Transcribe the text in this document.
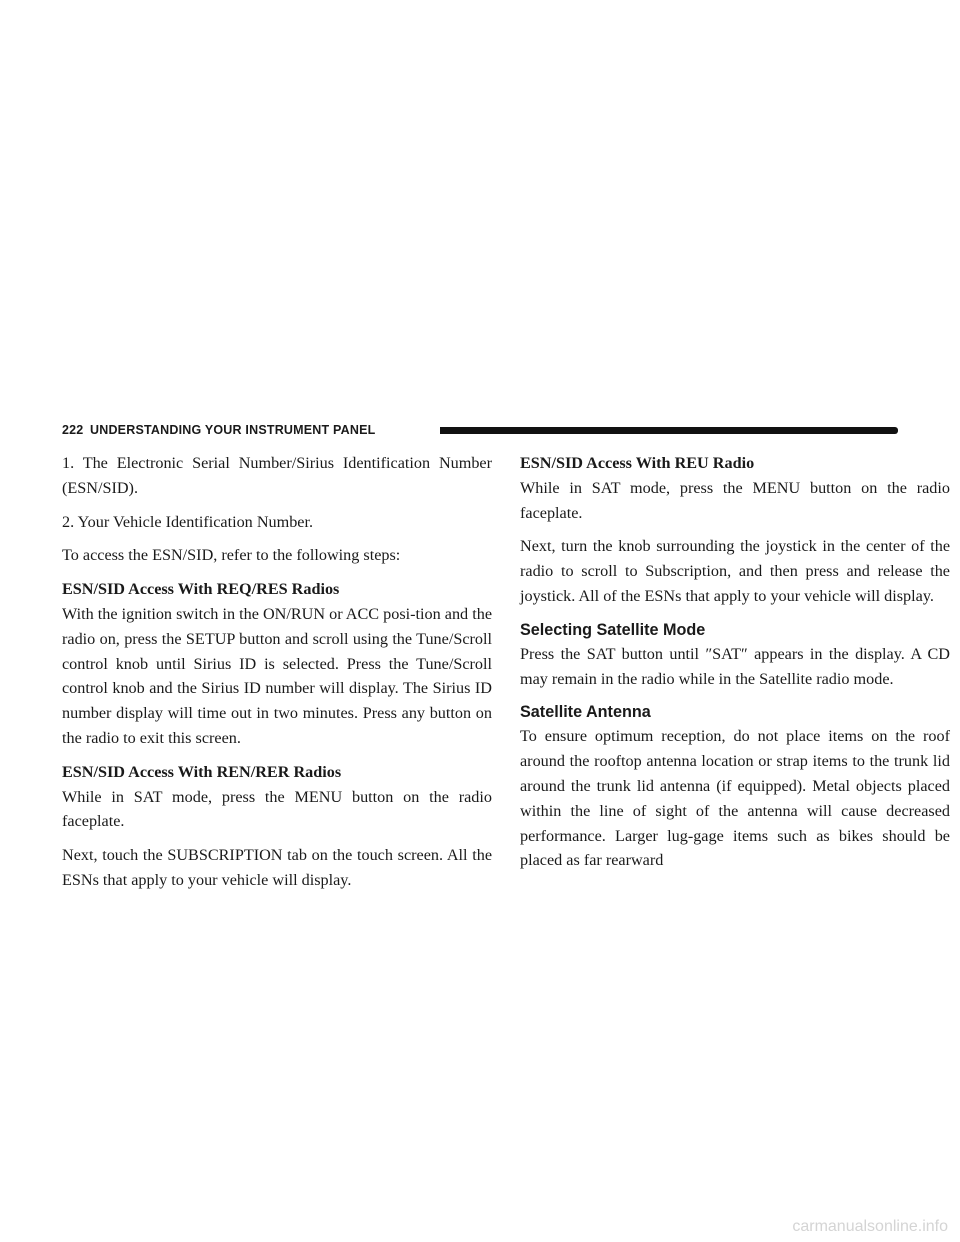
222 UNDERSTANDING YOUR INSTRUMENT PANEL

1. The Electronic Serial Number/Sirius Identification Number (ESN/SID).

2. Your Vehicle Identification Number.

To access the ESN/SID, refer to the following steps:

ESN/SID Access With REQ/RES Radios

With the ignition switch in the ON/RUN or ACC posi-tion and the radio on, press the SETUP button and scroll using the Tune/Scroll control knob until Sirius ID is selected. Press the Tune/Scroll control knob and the Sirius ID number will display. The Sirius ID number display will time out in two minutes. Press any button on the radio to exit this screen.

ESN/SID Access With REN/RER Radios

While in SAT mode, press the MENU button on the radio faceplate.

Next, touch the SUBSCRIPTION tab on the touch screen. All the ESNs that apply to your vehicle will display.

ESN/SID Access With REU Radio

While in SAT mode, press the MENU button on the radio faceplate.

Next, turn the knob surrounding the joystick in the center of the radio to scroll to Subscription, and then press and release the joystick. All of the ESNs that apply to your vehicle will display.

Selecting Satellite Mode

Press the SAT button until ″SAT″ appears in the display. A CD may remain in the radio while in the Satellite radio mode.

Satellite Antenna

To ensure optimum reception, do not place items on the roof around the rooftop antenna location or strap items to the trunk lid around the trunk lid antenna (if equipped). Metal objects placed within the line of sight of the antenna will cause decreased performance. Larger lug-gage items such as bikes should be placed as far rearward

carmanualsonline.info
